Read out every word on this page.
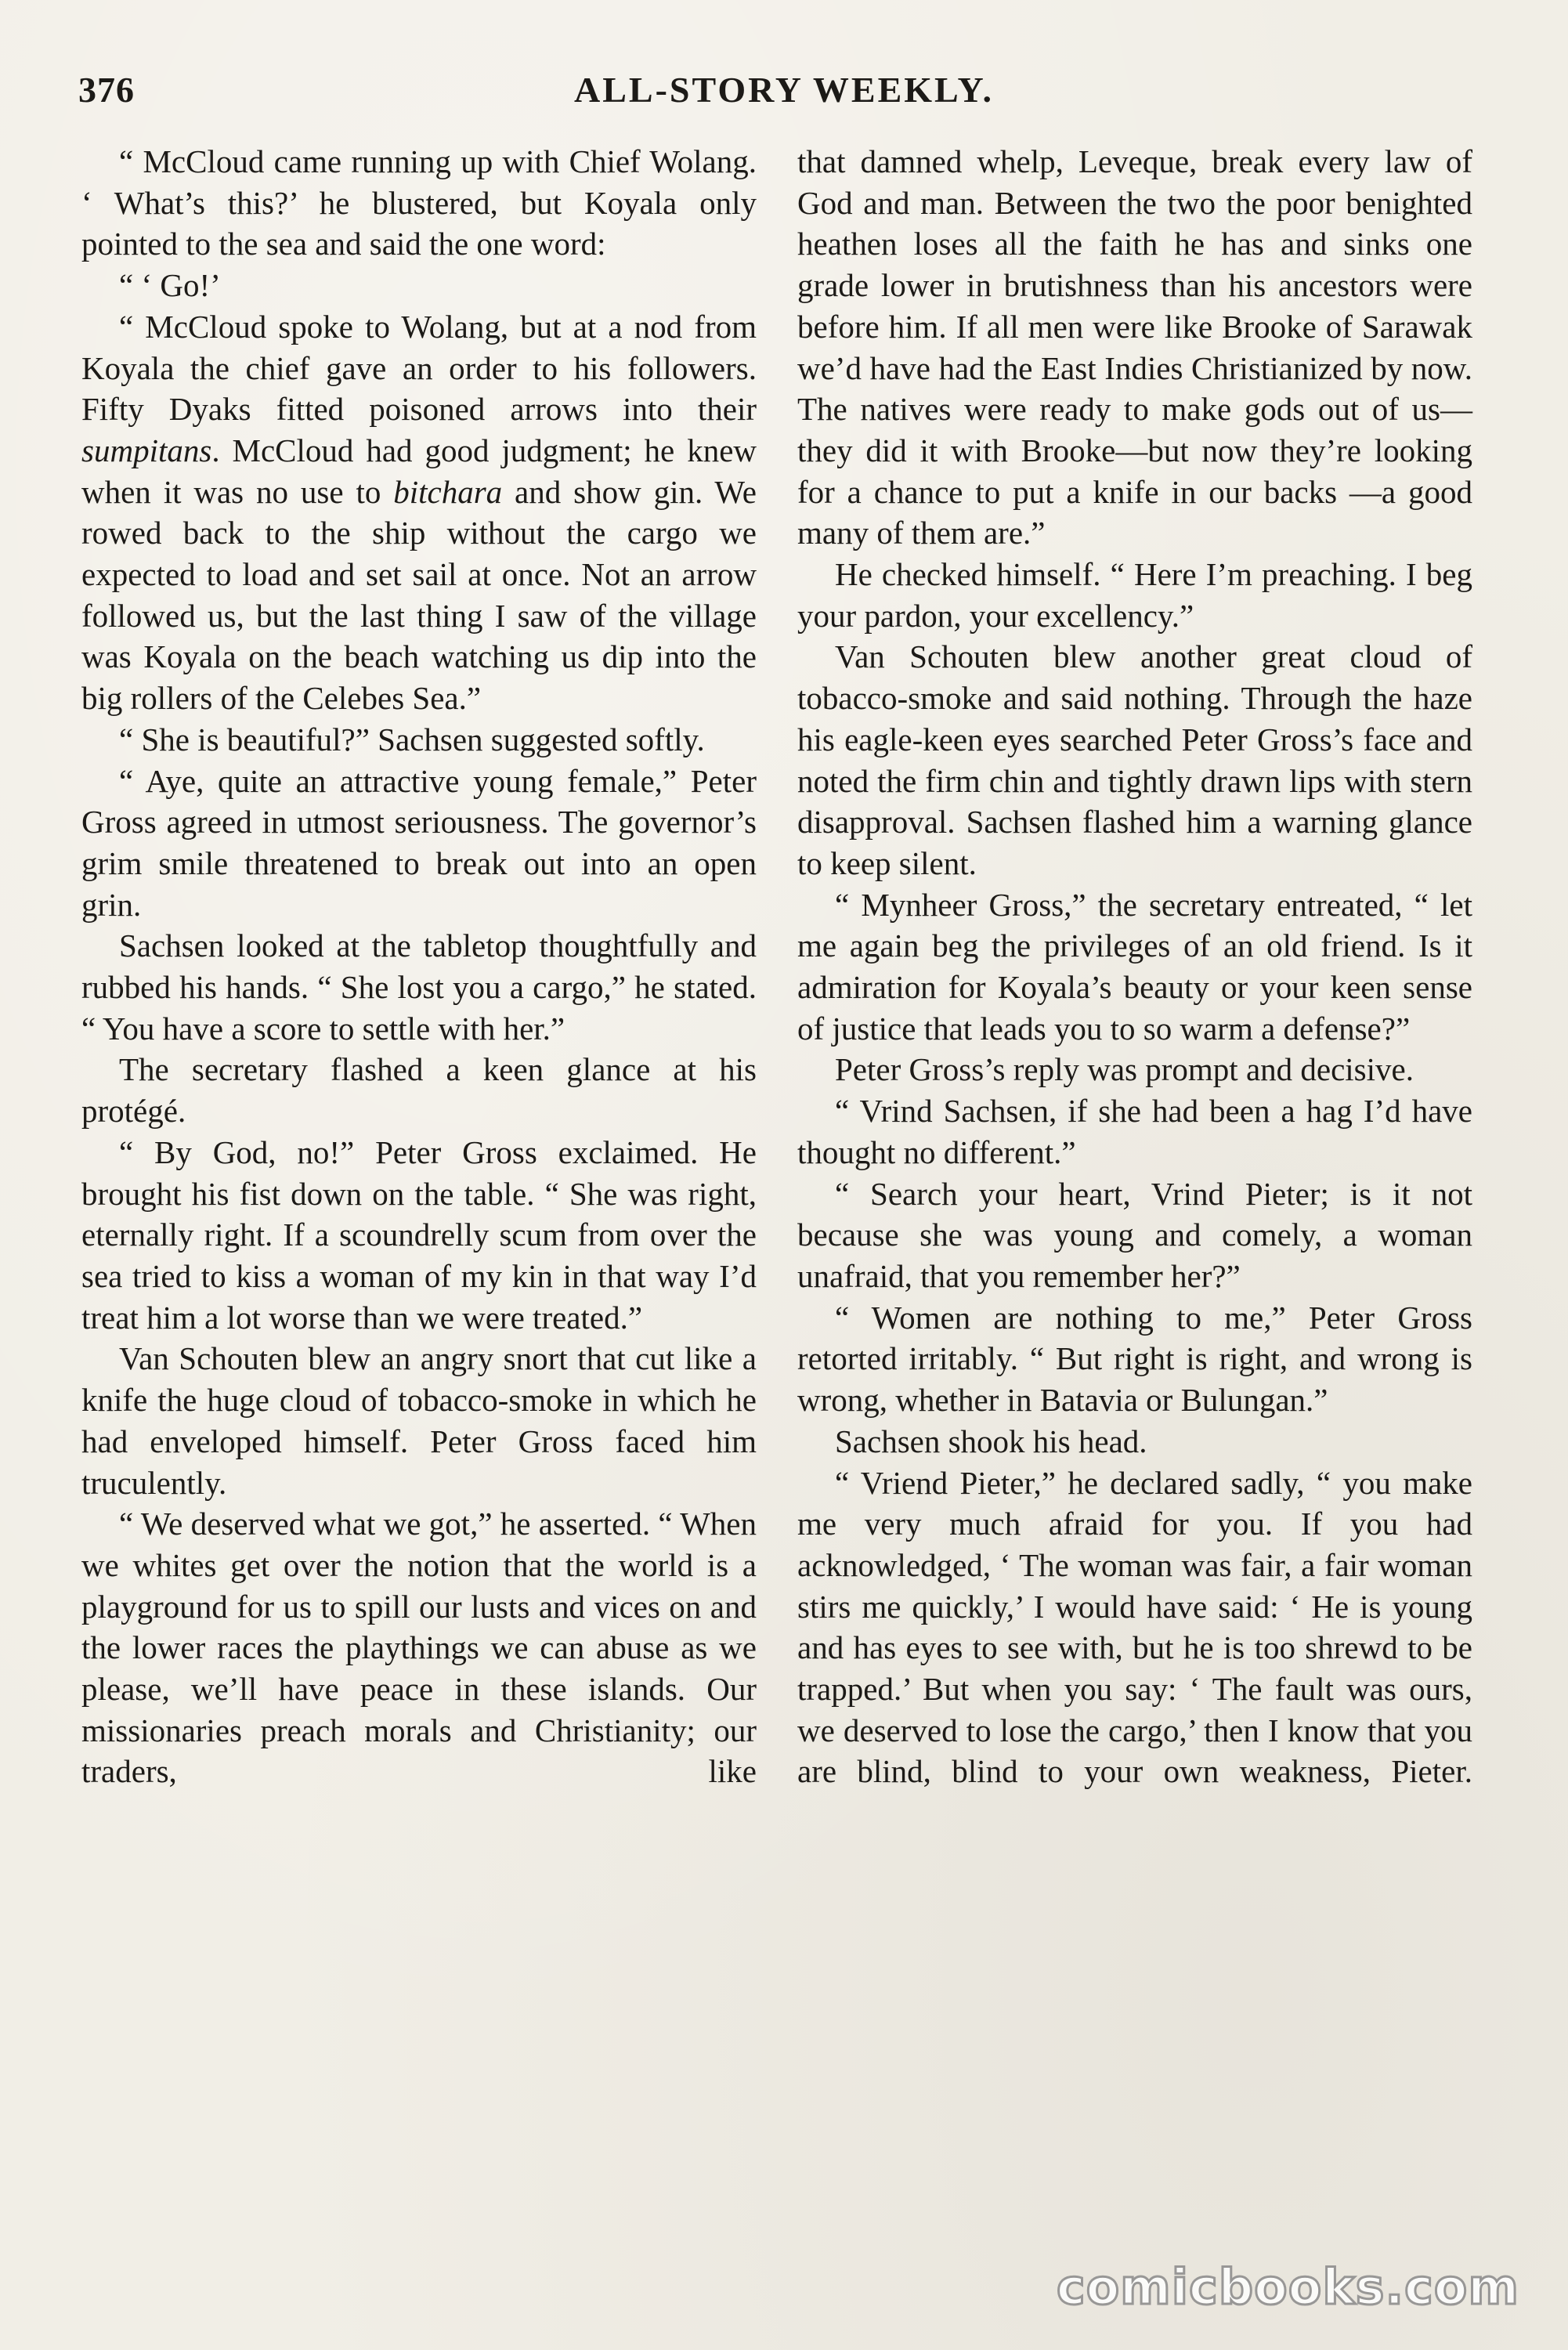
376	ALL-STORY WEEKLY.

“ McCloud came running up with Chief Wolang. ‘ What’s this?’ he blustered, but Koyala only pointed to the sea and said the one word:

“ ‘ Go!’

“ McCloud spoke to Wolang, but at a nod from Koyala the chief gave an order to his followers. Fifty Dyaks fitted poisoned arrows into their sumpitans. McCloud had good judgment; he knew when it was no use to bitchara and show gin. We rowed back to the ship without the cargo we expected to load and set sail at once. Not an arrow followed us, but the last thing I saw of the village was Koyala on the beach watching us dip into the big rollers of the Celebes Sea.”

“ She is beautiful?” Sachsen suggested softly.

“ Aye, quite an attractive young female,” Peter Gross agreed in utmost seriousness. The governor’s grim smile threatened to break out into an open grin.

Sachsen looked at the tabletop thoughtfully and rubbed his hands. “ She lost you a cargo,” he stated. “ You have a score to settle with her.”

The secretary flashed a keen glance at his protégé.

“ By God, no!” Peter Gross exclaimed. He brought his fist down on the table. “ She was right, eternally right. If a scoundrelly scum from over the sea tried to kiss a woman of my kin in that way I’d treat him a lot worse than we were treated.”

Van Schouten blew an angry snort that cut like a knife the huge cloud of tobacco-smoke in which he had enveloped himself. Peter Gross faced him truculently.

“ We deserved what we got,” he asserted. “ When we whites get over the notion that the world is a playground for us to spill our lusts and vices on and the lower races the playthings we can abuse as we please, we’ll have peace in these islands. Our missionaries preach morals and Christianity; our traders, like

that damned whelp, Leveque, break every law of God and man. Between the two the poor benighted heathen loses all the faith he has and sinks one grade lower in brutishness than his ancestors were before him. If all men were like Brooke of Sarawak we’d have had the East Indies Christianized by now. The natives were ready to make gods out of us—they did it with Brooke—but now they’re looking for a chance to put a knife in our backs —a good many of them are.”

He checked himself. “ Here I’m preaching. I beg your pardon, your excellency.”

Van Schouten blew another great cloud of tobacco-smoke and said nothing. Through the haze his eagle-keen eyes searched Peter Gross’s face and noted the firm chin and tightly drawn lips with stern disapproval. Sachsen flashed him a warning glance to keep silent.

“ Mynheer Gross,” the secretary entreated, “ let me again beg the privileges of an old friend. Is it admiration for Koyala’s beauty or your keen sense of justice that leads you to so warm a defense?”

Peter Gross’s reply was prompt and decisive.

“ Vrind Sachsen, if she had been a hag I’d have thought no different.”

“ Search your heart, Vrind Pieter; is it not because she was young and comely, a woman unafraid, that you remember her?”

“ Women are nothing to me,” Peter Gross retorted irritably. “ But right is right, and wrong is wrong, whether in Batavia or Bulungan.”

Sachsen shook his head.

“ Vriend Pieter,” he declared sadly, “ you make me very much afraid for you. If you had acknowledged, ‘ The woman was fair, a fair woman stirs me quickly,’ I would have said: ‘ He is young and has eyes to see with, but he is too shrewd to be trapped.’ But when you say: ‘ The fault was ours, we deserved to lose the cargo,’ then I know that you are blind, blind to your own weakness, Pieter.

comicbooks.com
